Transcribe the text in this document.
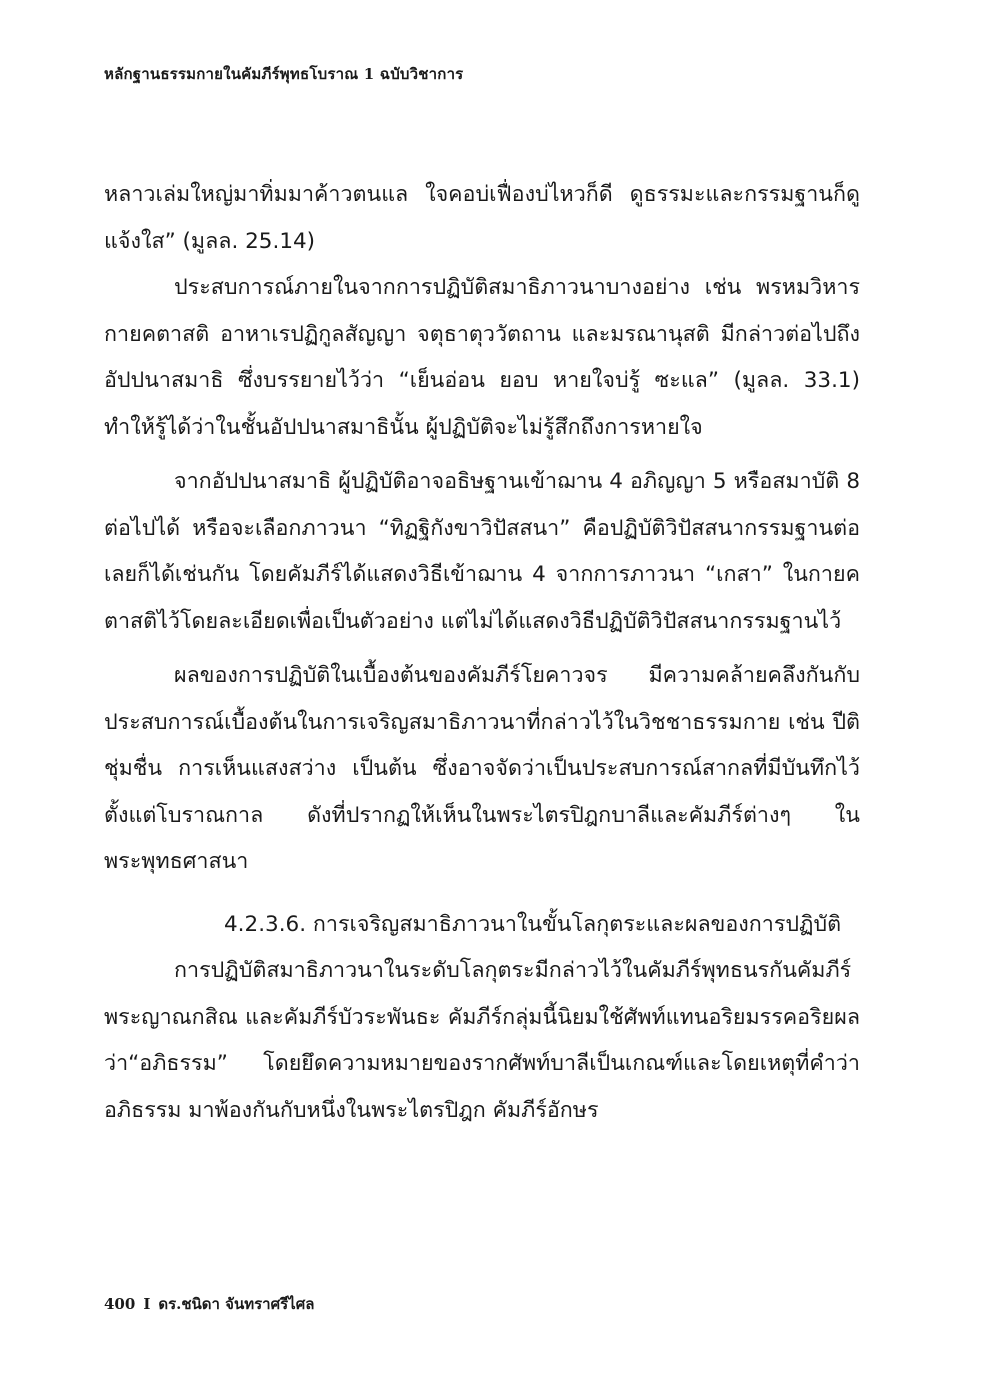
หลักฐานธรรมกายในคัมภีร์พุทธโบราณ 1 ฉบับวิชาการ

หลาวเล่มใหญ่มาทิ่มมาค้าวตนแล ใจคอบ่เฟื่องบ่ไหวก็ดี ดูธรรมะและกรรมฐานก็ดูแจ้งใส” (มูลล. 25.14)

ประสบการณ์ภายในจากการปฏิบัติสมาธิภาวนาบางอย่าง เช่น พรหมวิหาร กายคตาสติ อาหาเรปฏิกูลสัญญา จตุธาตุววัตถาน และมรณานุสติ มีกล่าวต่อไปถึงอัปปนาสมาธิ ซึ่งบรรยายไว้ว่า “เย็นอ่อน ยอบ หายใจบ่รู้ ซะแล” (มูลล. 33.1) ทำให้รู้ได้ว่าในชั้นอัปปนาสมาธินั้น ผู้ปฏิบัติจะไม่รู้สึกถึงการหายใจ

จากอัปปนาสมาธิ ผู้ปฏิบัติอาจอธิษฐานเข้าฌาน 4 อภิญญา 5 หรือสมาบัติ 8 ต่อไปได้ หรือจะเลือกภาวนา “ทิฏฐิกังขาวิปัสสนา” คือปฏิบัติวิปัสสนากรรมฐานต่อเลยก็ได้เช่นกัน โดยคัมภีร์ได้แสดงวิธีเข้าฌาน 4 จากการภาวนา “เกสา” ในกายคตาสติไว้โดยละเอียดเพื่อเป็นตัวอย่าง แต่ไม่ได้แสดงวิธีปฏิบัติวิปัสสนากรรมฐานไว้

ผลของการปฏิบัติในเบื้องต้นของคัมภีร์โยคาวจร มีความคล้ายคลึงกันกับประสบการณ์เบื้องต้นในการเจริญสมาธิภาวนาที่กล่าวไว้ในวิชชาธรรมกาย เช่น ปีติชุ่มชื่น การเห็นแสงสว่าง เป็นต้น ซึ่งอาจจัดว่าเป็นประสบการณ์สากลที่มีบันทึกไว้ตั้งแต่โบราณกาล ดังที่ปรากฏให้เห็นในพระไตรปิฎกบาลีและคัมภีร์ต่างๆ ในพระพุทธศาสนา

4.2.3.6. การเจริญสมาธิภาวนาในขั้นโลกุตระและผลของการปฏิบัติ

การปฏิบัติสมาธิภาวนาในระดับโลกุตระมีกล่าวไว้ในคัมภีร์พุทธนรกันคัมภีร์พระญาณกสิณ และคัมภีร์บัวระพันธะ คัมภีร์กลุ่มนี้นิยมใช้ศัพท์แทนอริยมรรคอริยผลว่า“อภิธรรม” โดยยึดความหมายของรากศัพท์บาลีเป็นเกณฑ์และโดยเหตุที่คำว่า อภิธรรม มาพ้องกันกับหนึ่งในพระไตรปิฎก คัมภีร์อักษร

400 I ดร.ชนิดา จันทราศรีไศล
